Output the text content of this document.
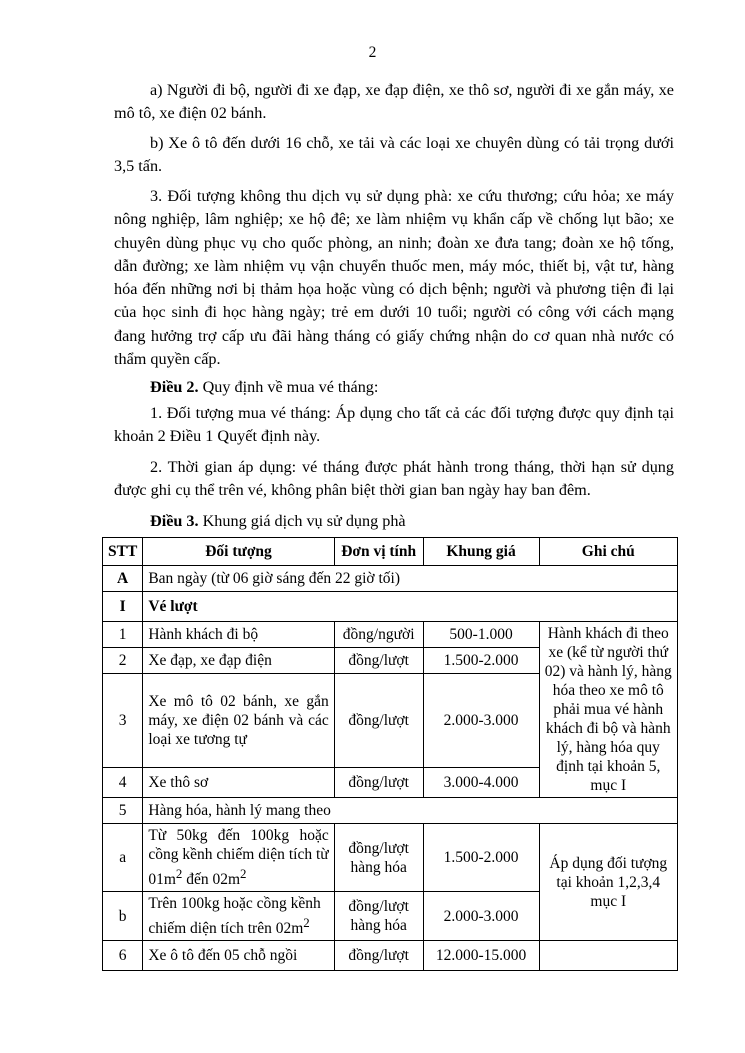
2

a) Người đi bộ, người đi xe đạp, xe đạp điện, xe thô sơ, người đi xe gắn máy, xe mô tô, xe điện 02 bánh.

b) Xe ô tô đến dưới 16 chỗ, xe tải và các loại xe chuyên dùng có tải trọng dưới 3,5 tấn.

3. Đối tượng không thu dịch vụ sử dụng phà: xe cứu thương; cứu hỏa; xe máy nông nghiệp, lâm nghiệp; xe hộ đê; xe làm nhiệm vụ khẩn cấp về chống lụt bão; xe chuyên dùng phục vụ cho quốc phòng, an ninh; đoàn xe đưa tang; đoàn xe hộ tống, dẫn đường; xe làm nhiệm vụ vận chuyển thuốc men, máy móc, thiết bị, vật tư, hàng hóa đến những nơi bị thảm họa hoặc vùng có dịch bệnh; người và phương tiện đi lại của học sinh đi học hàng ngày; trẻ em dưới 10 tuổi; người có công với cách mạng đang hưởng trợ cấp ưu đãi hàng tháng có giấy chứng nhận do cơ quan nhà nước có thẩm quyền cấp.

Điều 2. Quy định về mua vé tháng:

1. Đối tượng mua vé tháng: Áp dụng cho tất cả các đối tượng được quy định tại khoản 2 Điều 1 Quyết định này.

2. Thời gian áp dụng: vé tháng được phát hành trong tháng, thời hạn sử dụng được ghi cụ thể trên vé, không phân biệt thời gian ban ngày hay ban đêm.

Điều 3. Khung giá dịch vụ sử dụng phà

STT	Đối tượng	Đơn vị tính	Khung giá	Ghi chú
A	Ban ngày (từ 06 giờ sáng đến 22 giờ tối)			
I	Vé lượt			
1	Hành khách đi bộ	đồng/người	500-1.000	Hành khách đi theo xe (kể từ người thứ 02) và hành lý, hàng hóa theo xe mô tô phải mua vé hành khách đi bộ và hành lý, hàng hóa quy định tại khoản 5, mục I
2	Xe đạp, xe đạp điện	đồng/lượt	1.500-2.000	
3	Xe mô tô 02 bánh, xe gắn máy, xe điện 02 bánh và các loại xe tương tự	đồng/lượt	2.000-3.000	
4	Xe thô sơ	đồng/lượt	3.000-4.000	
5	Hàng hóa, hành lý mang theo			
a	Từ 50kg đến 100kg hoặc cồng kềnh chiếm diện tích từ $01m^2$ đến $02m^2$	đồng/lượt hàng hóa	1.500-2.000	Áp dụng đối tượng tại khoản 1,2,3,4 mục I
b	Trên 100kg hoặc cồng kềnh chiếm diện tích trên $02m^2$	đồng/lượt hàng hóa	2.000-3.000	
6	Xe ô tô đến 05 chỗ ngồi	đồng/lượt	12.000-15.000	
